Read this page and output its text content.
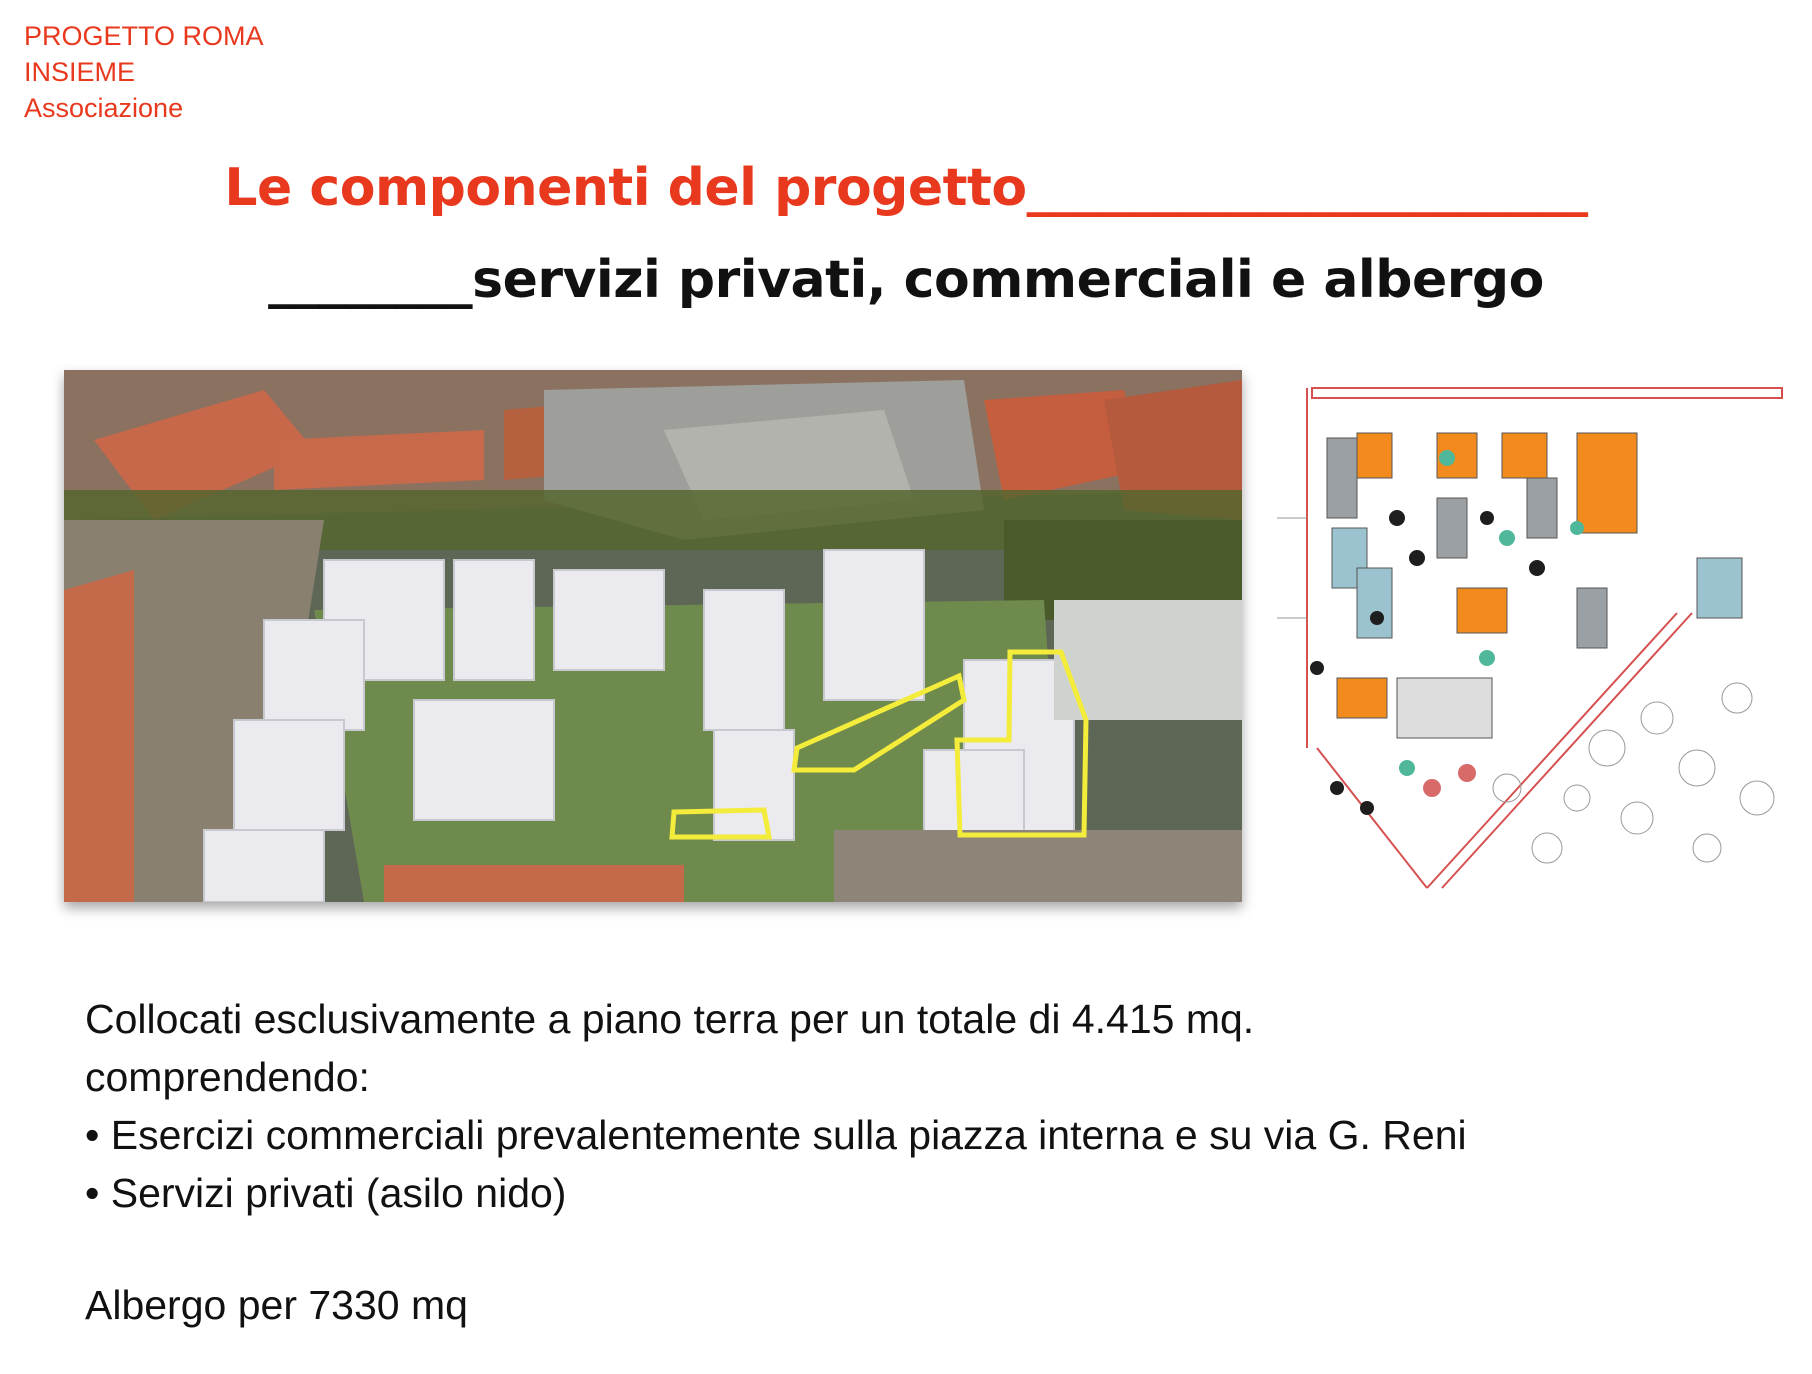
PROGETTO ROMA
INSIEME
Associazione
Le componenti del progetto______________________
________servizi privati, commerciali e albergo
Collocati esclusivamente a piano terra per un totale di 4.415 mq.
comprendendo:
• Esercizi commerciali prevalentemente sulla piazza interna e su via G. Reni
• Servizi privati (asilo nido)
Albergo per 7330 mq
